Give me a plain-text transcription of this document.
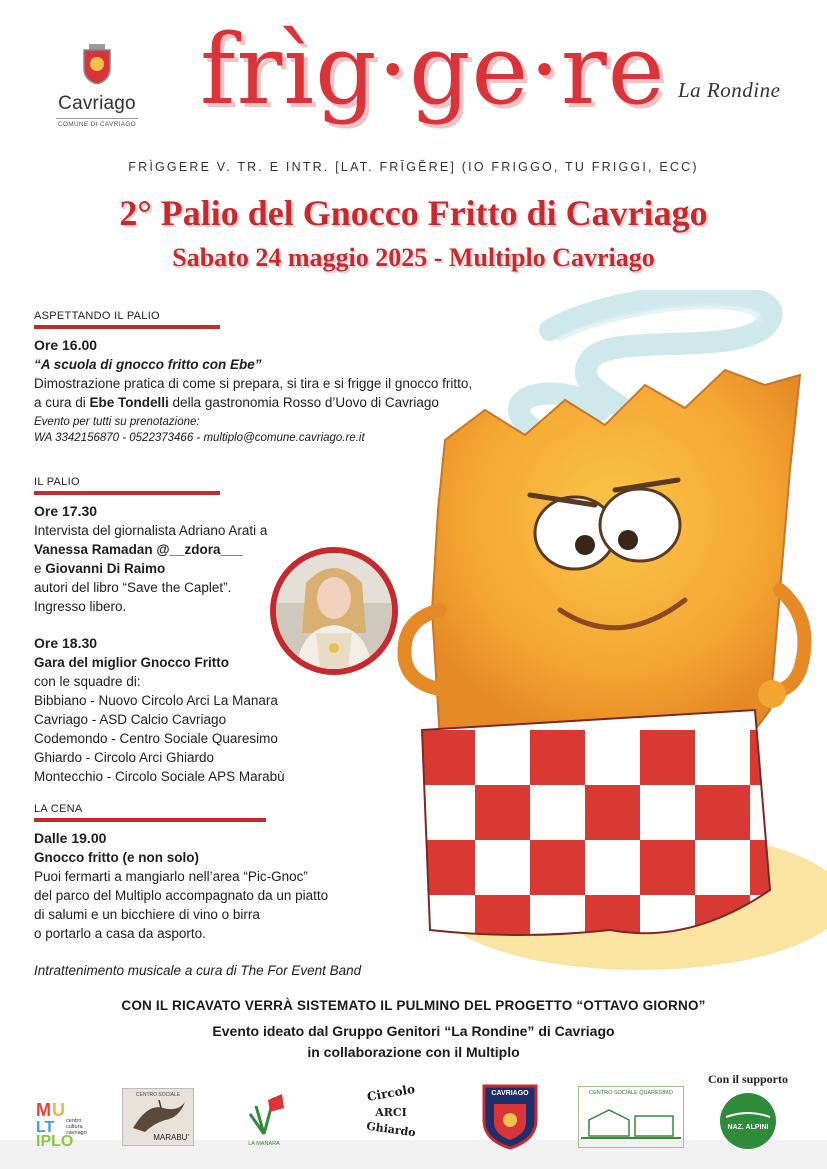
Cavriago
COMUNE DI CAVRIAGO frìg·ge·re La Rondine
FRÌGGERE V. TR. E INTR. [LAT. FRĪGĔRE] (IO FRIGGO, TU FRIGGI, ECC)
2° Palio del Gnocco Fritto di Cavriago
Sabato 24 maggio 2025 - Multiplo Cavriago
ASPETTANDO IL PALIO
Ore 16.00
“A scuola di gnocco fritto con Ebe”
Dimostrazione pratica di come si prepara, si tira e si frigge il gnocco fritto,
a cura di Ebe Tondelli della gastronomia Rosso d’Uovo di Cavriago
Evento per tutti su prenotazione:
WA 3342156870 - 0522373466 - multiplo@comune.cavriago.re.it
IL PALIO
Ore 17.30
Intervista del giornalista Adriano Arati a
Vanessa Ramadan @__zdora___
e Giovanni Di Raimo
autori del libro “Save the Caplet”.
Ingresso libero.
Ore 18.30
Gara del miglior Gnocco Fritto
con le squadre di:
Bibbiano - Nuovo Circolo Arci La Manara
Cavriago - ASD Calcio Cavriago
Codemondo - Centro Sociale Quaresimo
Ghiardo - Circolo Arci Ghiardo
Montecchio - Circolo Sociale APS Marabù
LA CENA
Dalle 19.00
Gnocco fritto (e non solo)
Puoi fermarti a mangiarlo nell’area “Pic-Gnoc”
del parco del Multiplo accompagnato da un piatto
di salumi e un bicchiere di vino o birra
o portarlo a casa da asporto.
Intrattenimento musicale a cura di The For Event Band
CON IL RICAVATO VERRÀ SISTEMATO IL PULMINO DEL PROGETTO “OTTAVO GIORNO”
Evento ideato dal Gruppo Genitori “La Rondine” di Cavriago
in collaborazione con il Multiplo
M U
LT
IPLO
centro cultura cavriago
CENTRO SOCIALE
MARABU'
LA MANARA
Circolo
ARCI
Ghiardo
CAVRIAGO	CENTRO SOCIALE QUARESIMO
Con il supporto
NAZ. ALPINI
